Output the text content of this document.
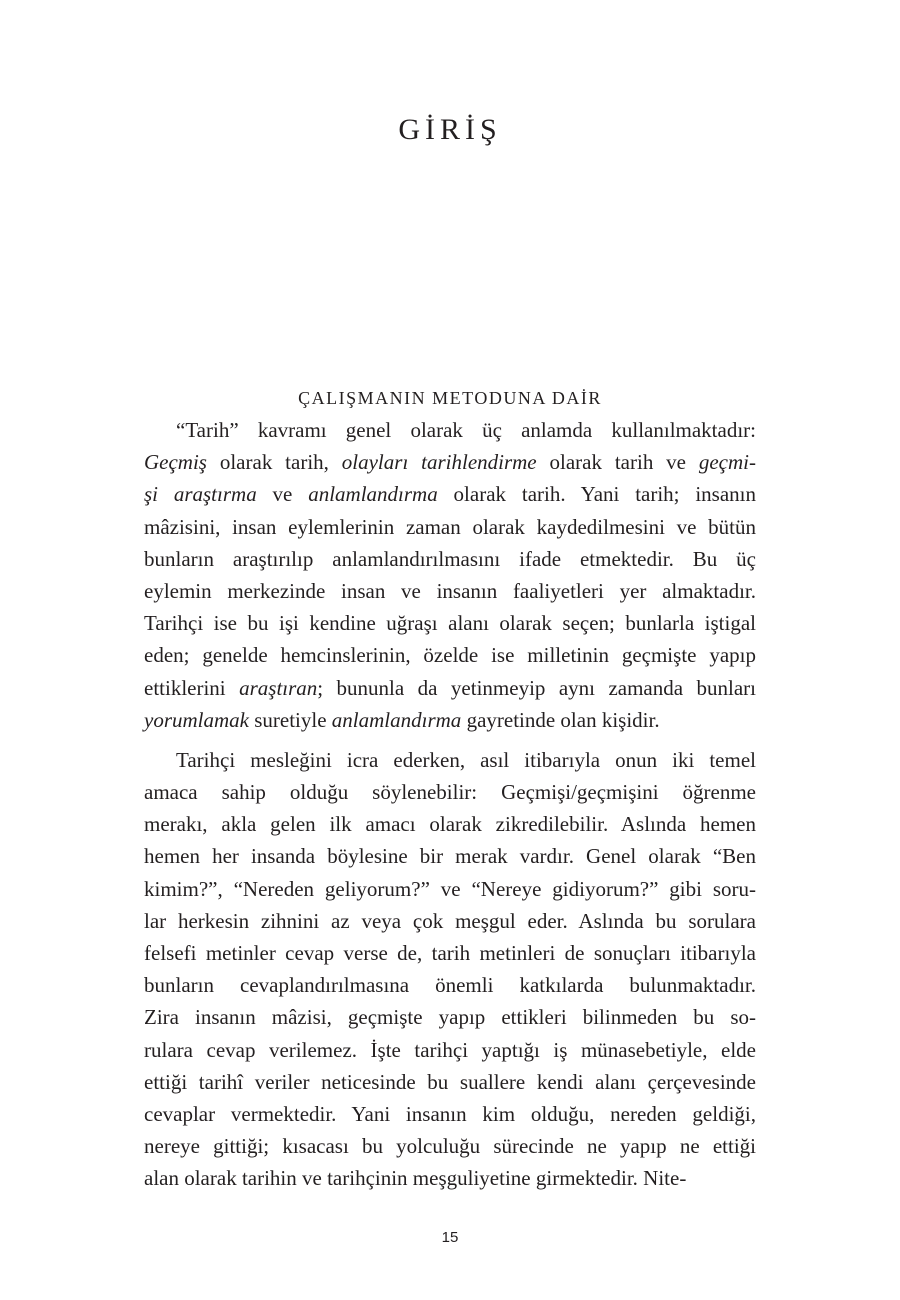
GİRİŞ
ÇALIŞMANIN METODUNA DAİR
“Tarih” kavramı genel olarak üç anlamda kullanılmaktadır:
Geçmiş olarak tarih, olayları tarihlendirme olarak tarih ve geçmi-
şi araştırma ve anlamlandırma olarak tarih. Yani tarih; insanın
mâzisini, insan eylemlerinin zaman olarak kaydedilmesini ve bütün
bunların araştırılıp anlamlandırılmasını ifade etmektedir. Bu üç
eylemin merkezinde insan ve insanın faaliyetleri yer almaktadır.
Tarihçi ise bu işi kendine uğraşı alanı olarak seçen; bunlarla iştigal
eden; genelde hemcinslerinin, özelde ise milletinin geçmişte yapıp
ettiklerini araştıran; bununla da yetinmeyip aynı zamanda bunları
yorumlamak suretiyle anlamlandırma gayretinde olan kişidir.
Tarihçi mesleğini icra ederken, asıl itibarıyla onun iki temel
amaca sahip olduğu söylenebilir: Geçmişi/geçmişini öğrenme
merakı, akla gelen ilk amacı olarak zikredilebilir. Aslında hemen
hemen her insanda böylesine bir merak vardır. Genel olarak “Ben
kimim?”, “Nereden geliyorum?” ve “Nereye gidiyorum?” gibi soru-
lar herkesin zihnini az veya çok meşgul eder. Aslında bu sorulara
felsefi metinler cevap verse de, tarih metinleri de sonuçları itibarıyla
bunların cevaplandırılmasına önemli katkılarda bulunmaktadır.
Zira insanın mâzisi, geçmişte yapıp ettikleri bilinmeden bu so-
rulara cevap verilemez. İşte tarihçi yaptığı iş münasebetiyle, elde
ettiği tarihî veriler neticesinde bu suallere kendi alanı çerçevesinde
cevaplar vermektedir. Yani insanın kim olduğu, nereden geldiği,
nereye gittiği; kısacası bu yolculuğu sürecinde ne yapıp ne ettiği
alan olarak tarihin ve tarihçinin meşguliyetine girmektedir. Nite-

15
